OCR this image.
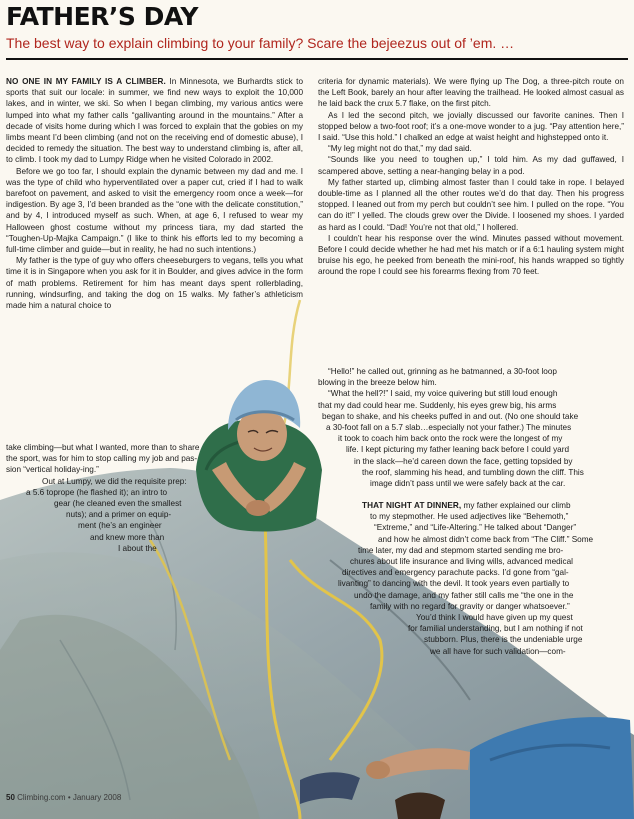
FATHER’S DAY
The best way to explain climbing to your family? Scare the bejeezus out of ’em. …

NO ONE IN MY FAMILY IS A CLIMBER. In Minnesota, we Burhardts stick to sports that suit our locale: in summer, we find new ways to exploit the 10,000 lakes, and in winter, we ski. So when I began climbing, my various antics were lumped into what my father calls “gallivanting around in the mountains.” After a decade of visits home during which I was forced to explain that the gobies on my limbs meant I’d been climbing (and not on the receiving end of domestic abuse), I decided to remedy the situation. The best way to understand climbing is, after all, to climb. I took my dad to Lumpy Ridge when he visited Colorado in 2002.

Before we go too far, I should explain the dynamic between my dad and me. I was the type of child who hyperventilated over a paper cut, cried if I had to walk barefoot on pavement, and asked to visit the emergency room once a week—for indigestion. By age 3, I’d been branded as the “one with the delicate constitution,” and by 4, I introduced myself as such. When, at age 6, I refused to wear my Halloween ghost costume without my princess tiara, my dad started the “Toughen-Up-Majka Campaign.” (I like to think his efforts led to my becoming a full-time climber and guide—but in reality, he had no such intentions.)

My father is the type of guy who offers cheeseburgers to vegans, tells you what time it is in Singapore when you ask for it in Boulder, and gives advice in the form of math problems. Retirement for him has meant days spent rollerblading, running, windsurfing, and taking the dog on 15 walks. My father’s athleticism made him a natural choice to

take climbing—but what I wanted, more than to share
the sport, was for him to stop calling my job and pas-
sion “vertical holiday-ing.”
Out at Lumpy, we did the requisite prep:
a 5.6 toprope (he flashed it); an intro to
gear (he cleaned even the smallest
nuts); and a primer on equip-
ment (he’s an engineer
and knew more than
I about the

criteria for dynamic materials). We were flying up The Dog, a three-pitch route on the Left Book, barely an hour after leaving the trailhead. He looked almost casual as he laid back the crux 5.7 flake, on the first pitch.

As I led the second pitch, we jovially discussed our favorite canines. Then I stopped below a two-foot roof; it’s a one-move wonder to a jug. “Pay attention here,” I said. “Use this hold.” I chalked an edge at waist height and highstepped onto it.

“My leg might not do that,” my dad said.

“Sounds like you need to toughen up,” I told him. As my dad guffawed, I scampered above, setting a near-hanging belay in a pod.

My father started up, climbing almost faster than I could take in rope. I belayed double-time as I planned all the other routes we’d do that day. Then his progress stopped. I leaned out from my perch but couldn’t see him. I pulled on the rope. “You can do it!” I yelled. The clouds grew over the Divide. I loosened my shoes. I yarded as hard as I could. “Dad! You’re not that old,” I hollered.

I couldn’t hear his response over the wind. Minutes passed without movement. Before I could decide whether he had met his match or if a 6:1 hauling system might bruise his ego, he peeked from beneath the mini-roof, his hands wrapped so tightly around the rope I could see his forearms flexing from 70 feet.

“Hello!” he called out, grinning as he batmanned, a 30-foot loop
blowing in the breeze below him.
“What the hell?!” I said, my voice quivering but still loud enough
that my dad could hear me. Suddenly, his eyes grew big, his arms
began to shake, and his cheeks puffed in and out. (No one should take
a 30-foot fall on a 5.7 slab…especially not your father.) The minutes
it took to coach him back onto the rock were the longest of my
life. I kept picturing my father leaning back before I could yard
in the slack—he’d careen down the face, getting topsided by
the roof, slamming his head, and tumbling down the cliff. This
image didn’t pass until we were safely back at the car.
THAT NIGHT AT DINNER, my father explained our climb
to my stepmother. He used adjectives like “Behemoth,”
“Extreme,” and “Life-Altering.” He talked about “Danger”
and how he almost didn’t come back from “The Cliff.” Some
time later, my dad and stepmom started sending me bro-
chures about life insurance and living wills, advanced medical
directives and emergency parachute packs. I’d gone from “gal-
livanting” to dancing with the devil. It took years even partially to
undo the damage, and my father still calls me “the one in the
family with no regard for gravity or danger whatsoever.”
You’d think I would have given up my quest
for familial understanding, but I am nothing if not
stubborn. Plus, there is the undeniable urge
we all have for such validation—com-
50 Climbing.com • January 2008
